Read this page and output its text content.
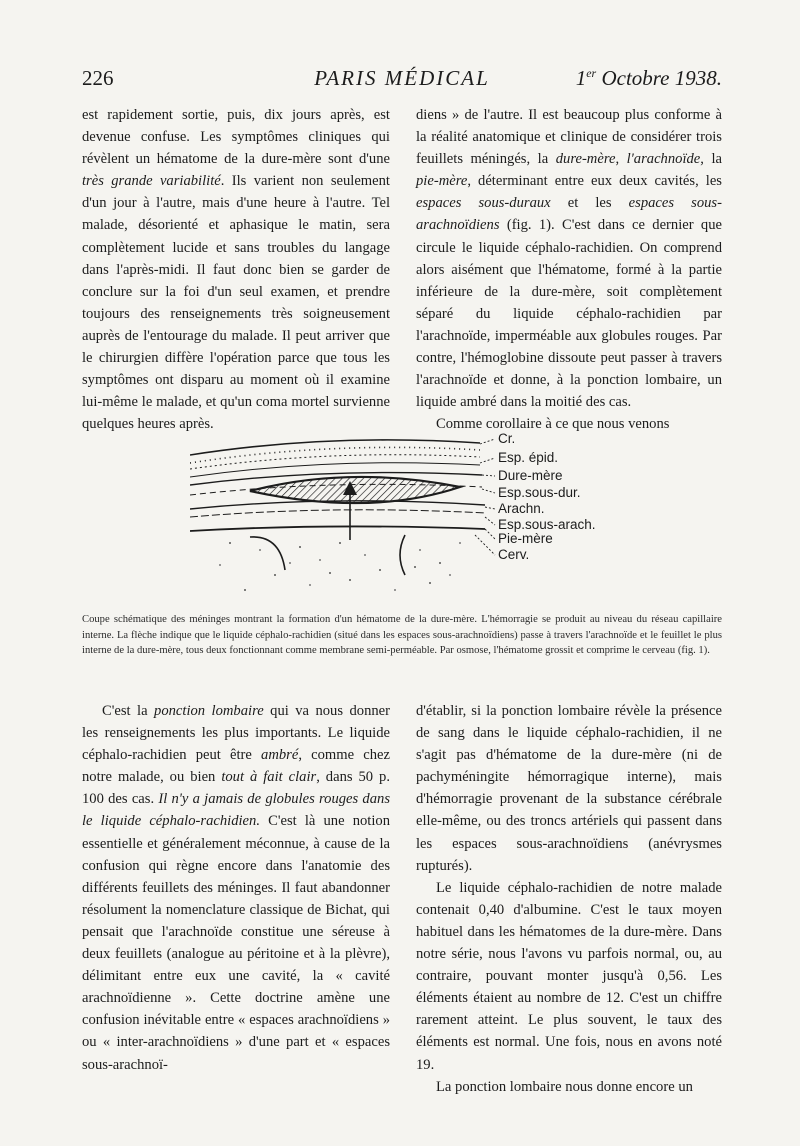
226	PARIS MÉDICAL	1er Octobre 1938.

est rapidement sortie, puis, dix jours après, est devenue confuse. Les symptômes cliniques qui révèlent un hématome de la dure-mère sont d'une très grande variabilité. Ils varient non seulement d'un jour à l'autre, mais d'une heure à l'autre. Tel malade, désorienté et aphasique le matin, sera complètement lucide et sans troubles du langage dans l'après-midi. Il faut donc bien se garder de conclure sur la foi d'un seul examen, et prendre toujours des renseignements très soigneusement auprès de l'entourage du malade. Il peut arriver que le chirurgien diffère l'opération parce que tous les symptômes ont disparu au moment où il examine lui-même le malade, et qu'un coma mortel survienne quelques heures après.

diens » de l'autre. Il est beaucoup plus conforme à la réalité anatomique et clinique de considérer trois feuillets méningés, la dure-mère, l'arachnoïde, la pie-mère, déterminant entre eux deux cavités, les espaces sous-duraux et les espaces sous-arachnoïdiens (fig. 1). C'est dans ce dernier que circule le liquide céphalo-rachidien. On comprend alors aisément que l'hématome, formé à la partie inférieure de la dure-mère, soit complètement séparé du liquide céphalo-rachidien par l'arachnoïde, imperméable aux globules rouges. Par contre, l'hémoglobine dissoute peut passer à travers l'arachnoïde et donne, à la ponction lombaire, un liquide ambré dans la moitié des cas.

Comme corollaire à ce que nous venons

Cr.
Esp. épid.
Dure-mère
Esp.sous-dur.
Arachn.
Esp.sous-arach.
Pie-mère
Cerv.
Coupe schématique des méninges montrant la formation d'un hématome de la dure-mère. L'hémorragie se produit au niveau du réseau capillaire interne. La flèche indique que le liquide céphalo-rachidien (situé dans les espaces sous-arachnoïdiens) passe à travers l'arachnoïde et le feuillet le plus interne de la dure-mère, tous deux fonctionnant comme membrane semi-perméable. Par osmose, l'hématome grossit et comprime le cerveau (fig. 1).

C'est la ponction lombaire qui va nous donner les renseignements les plus importants. Le liquide céphalo-rachidien peut être ambré, comme chez notre malade, ou bien tout à fait clair, dans 50 p. 100 des cas. Il n'y a jamais de globules rouges dans le liquide céphalo-rachidien. C'est là une notion essentielle et généralement méconnue, à cause de la confusion qui règne encore dans l'anatomie des différents feuillets des méninges. Il faut abandonner résolument la nomenclature classique de Bichat, qui pensait que l'arachnoïde constitue une séreuse à deux feuillets (analogue au péritoine et à la plèvre), délimitant entre eux une cavité, la « cavité arachnoïdienne ». Cette doctrine amène une confusion inévitable entre « espaces arachnoïdiens » ou « inter-arachnoïdiens » d'une part et « espaces sous-arachnoï-

d'établir, si la ponction lombaire révèle la présence de sang dans le liquide céphalo-rachidien, il ne s'agit pas d'hématome de la dure-mère (ni de pachyméningite hémorragique interne), mais d'hémorragie provenant de la substance cérébrale elle-même, ou des troncs artériels qui passent dans les espaces sous-arachnoïdiens (anévrysmes rupturés).

Le liquide céphalo-rachidien de notre malade contenait 0,40 d'albumine. C'est le taux moyen habituel dans les hématomes de la dure-mère. Dans notre série, nous l'avons vu parfois normal, ou, au contraire, pouvant monter jusqu'à 0,56. Les éléments étaient au nombre de 12. C'est un chiffre rarement atteint. Le plus souvent, le taux des éléments est normal. Une fois, nous en avons noté 19.

La ponction lombaire nous donne encore un
